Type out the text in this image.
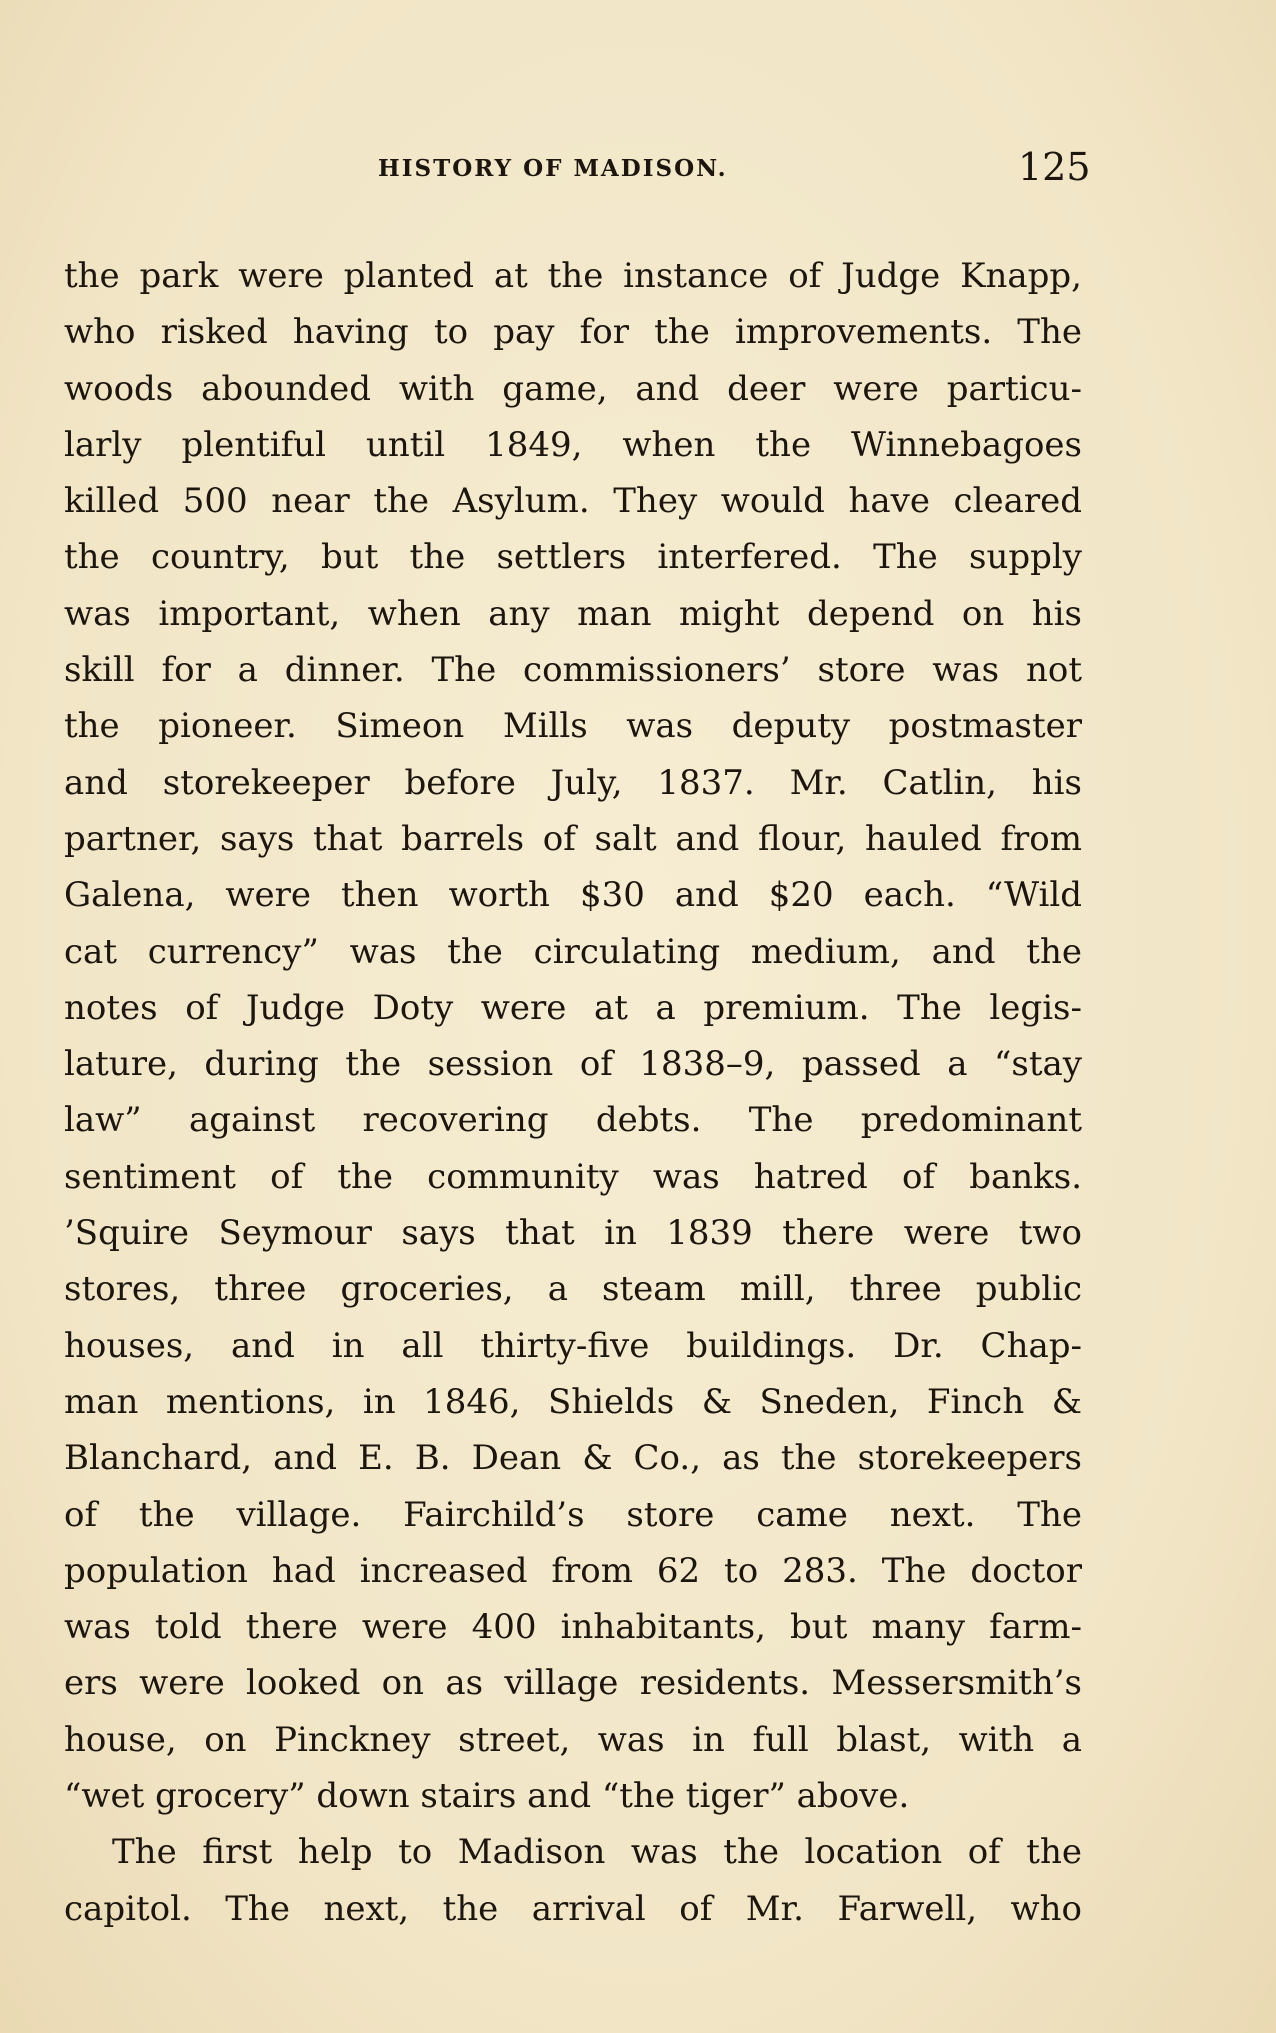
HISTORY OF MADISON.	125
the park were planted at the instance of Judge Knapp,
who risked having to pay for the improvements. The
woods abounded with game, and deer were particu-
larly plentiful until 1849, when the Winnebagoes
killed 500 near the Asylum. They would have cleared
the country, but the settlers interfered. The supply
was important, when any man might depend on his
skill for a dinner. The commissioners’ store was not
the pioneer. Simeon Mills was deputy postmaster
and storekeeper before July, 1837. Mr. Catlin, his
partner, says that barrels of salt and flour, hauled from
Galena, were then worth $30 and $20 each. “Wild
cat currency” was the circulating medium, and the
notes of Judge Doty were at a premium. The legis-
lature, during the session of 1838–9, passed a “stay
law” against recovering debts. The predominant
sentiment of the community was hatred of banks.
’Squire Seymour says that in 1839 there were two
stores, three groceries, a steam mill, three public
houses, and in all thirty-five buildings. Dr. Chap-
man mentions, in 1846, Shields & Sneden, Finch &
Blanchard, and E. B. Dean & Co., as the storekeepers
of the village. Fairchild’s store came next. The
population had increased from 62 to 283. The doctor
was told there were 400 inhabitants, but many farm-
ers were looked on as village residents. Messersmith’s
house, on Pinckney street, was in full blast, with a
“wet grocery” down stairs and “the tiger” above.
The first help to Madison was the location of the
capitol. The next, the arrival of Mr. Farwell, who
